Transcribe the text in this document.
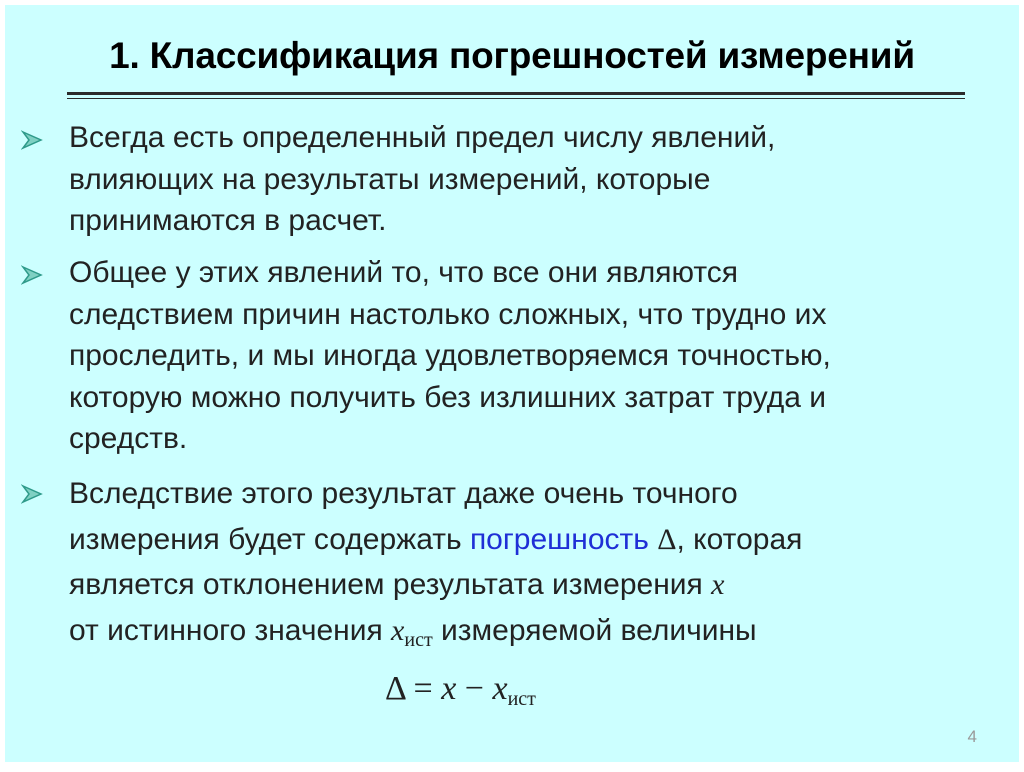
1. Классификация погрешностей измерений
Всегда есть определенный предел числу явлений,
влияющих на результаты измерений, которые
принимаются в расчет.
Общее у этих явлений то, что все они являются
следствием причин настолько сложных, что трудно их
проследить, и мы иногда удовлетворяемся точностью,
которую можно получить без излишних затрат труда и
средств.
Вследствие этого результат даже очень точного
измерения будет содержать погрешность Δ, которая
является отклонением результата измерения x
от истинного значения $x_{ист}$ измеряемой величины
$\Delta = x - x_{ист}$
4
